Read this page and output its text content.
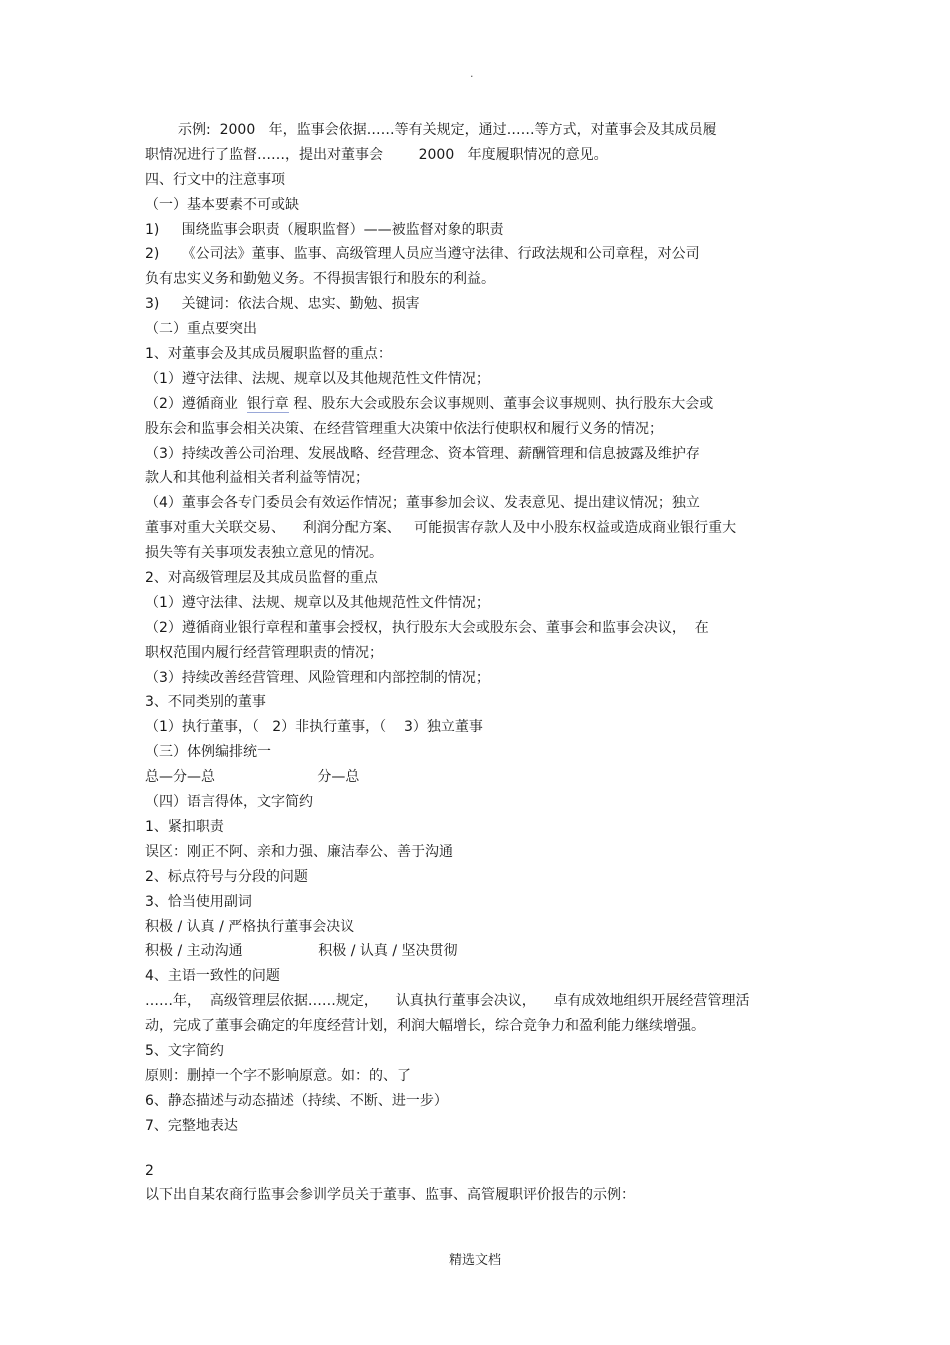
·
示例:  2000   年，监事会依据……等有关规定，通过……等方式，对董事会及其成员履
职情况进行了监督……，提出对董事会        2000   年度履职情况的意见。
四、行文中的注意事项
（一）基本要素不可或缺
1)     围绕监事会职责（履职监督）——被监督对象的职责
2)     《公司法》董事、监事、高级管理人员应当遵守法律、行政法规和公司章程，对公司
负有忠实义务和勤勉义务。不得损害银行和股东的利益。
3)     关键词：依法合规、忠实、勤勉、损害
（二）重点要突出
1、对董事会及其成员履职监督的重点：
（1）遵守法律、法规、规章以及其他规范性文件情况；
（2）遵循商业  银行章 程、股东大会或股东会议事规则、董事会议事规则、执行股东大会或
股东会和监事会相关决策、在经营管理重大决策中依法行使职权和履行义务的情况；
（3）持续改善公司治理、发展战略、经营理念、资本管理、薪酬管理和信息披露及维护存
款人和其他利益相关者利益等情况；
（4）董事会各专门委员会有效运作情况；董事参加会议、发表意见、提出建议情况；独立
董事对重大关联交易、    利润分配方案、   可能损害存款人及中小股东权益或造成商业银行重大
损失等有关事项发表独立意见的情况。
2、对高级管理层及其成员监督的重点
（1）遵守法律、法规、规章以及其他规范性文件情况；
（2）遵循商业银行章程和董事会授权，执行股东大会或股东会、董事会和监事会决议，  在
职权范围内履行经营管理职责的情况；
（3）持续改善经营管理、风险管理和内部控制的情况；
3、不同类别的董事
（1）执行董事，（   2）非执行董事，（    3）独立董事
（三）体例编排统一
总—分—总                       分—总
（四）语言得体，文字简约
1、紧扣职责
误区：刚正不阿、亲和力强、廉洁奉公、善于沟通
2、标点符号与分段的问题
3、恰当使用副词
积极 / 认真 / 严格执行董事会决议
积极 / 主动沟通                 积极 / 认真 / 坚决贯彻
4、主语一致性的问题
……年，  高级管理层依据……规定，    认真执行董事会决议，    卓有成效地组织开展经营管理活
动，完成了董事会确定的年度经营计划，利润大幅增长，综合竞争力和盈利能力继续增强。
5、文字简约
原则：删掉一个字不影响原意。如：的、了
6、静态描述与动态描述（持续、不断、进一步）
7、完整地表达
2
以下出自某农商行监事会参训学员关于董事、监事、高管履职评价报告的示例：
精选文档
